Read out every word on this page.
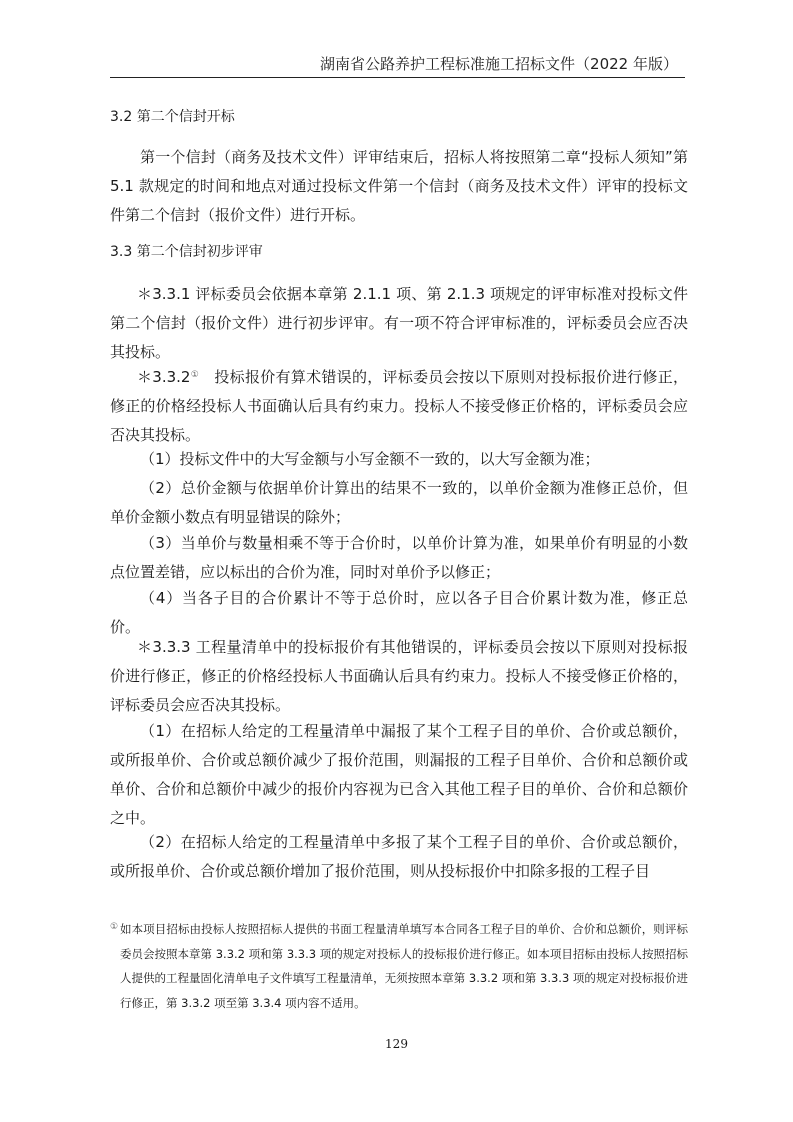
湖南省公路养护工程标准施工招标文件（2022 年版）
3.2 第二个信封开标

第一个信封（商务及技术文件）评审结束后，招标人将按照第二章“投标人须知”第 5.1 款规定的时间和地点对通过投标文件第一个信封（商务及技术文件）评审的投标文件第二个信封（报价文件）进行开标。

3.3 第二个信封初步评审

＊3.3.1 评标委员会依据本章第 2.1.1 项、第 2.1.3 项规定的评审标准对投标文件第二个信封（报价文件）进行初步评审。有一项不符合评审标准的，评标委员会应否决其投标。

＊3.3.2①  投标报价有算术错误的，评标委员会按以下原则对投标报价进行修正，修正的价格经投标人书面确认后具有约束力。投标人不接受修正价格的，评标委员会应否决其投标。

（1）投标文件中的大写金额与小写金额不一致的，以大写金额为准；

（2）总价金额与依据单价计算出的结果不一致的，以单价金额为准修正总价，但单价金额小数点有明显错误的除外；

（3）当单价与数量相乘不等于合价时，以单价计算为准，如果单价有明显的小数点位置差错，应以标出的合价为准，同时对单价予以修正；

（4）当各子目的合价累计不等于总价时，应以各子目合价累计数为准，修正总价。

＊3.3.3 工程量清单中的投标报价有其他错误的，评标委员会按以下原则对投标报价进行修正，修正的价格经投标人书面确认后具有约束力。投标人不接受修正价格的，评标委员会应否决其投标。

（1）在招标人给定的工程量清单中漏报了某个工程子目的单价、合价或总额价，或所报单价、合价或总额价减少了报价范围，则漏报的工程子目单价、合价和总额价或单价、合价和总额价中减少的报价内容视为已含入其他工程子目的单价、合价和总额价之中。

（2）在招标人给定的工程量清单中多报了某个工程子目的单价、合价或总额价，或所报单价、合价或总额价增加了报价范围，则从投标报价中扣除多报的工程子目

① 如本项目招标由投标人按照招标人提供的书面工程量清单填写本合同各工程子目的单价、合价和总额价，则评标委员会按照本章第 3.3.2 项和第 3.3.3 项的规定对投标人的投标报价进行修正。如本项目招标由投标人按照招标人提供的工程量固化清单电子文件填写工程量清单，无须按照本章第 3.3.2 项和第 3.3.3 项的规定对投标报价进行修正，第 3.3.2 项至第 3.3.4 项内容不适用。

129
